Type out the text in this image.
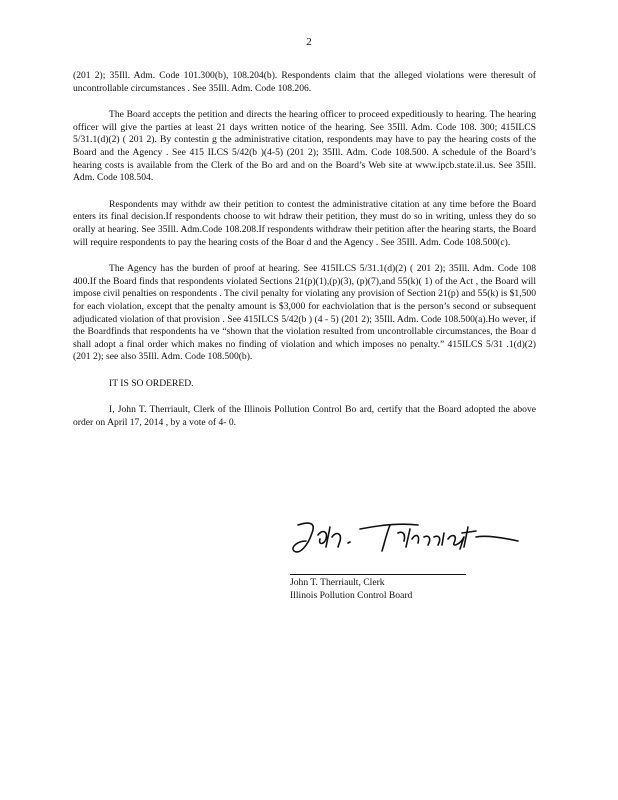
2

(201 2); 35Ill. Adm. Code 101.300(b), 108.204(b). Respondents claim that the alleged violations were theresult of uncontrollable circumstances . See 35Ill. Adm. Code 108.206.

The Board accepts the petition and directs the hearing officer to proceed expeditiously to hearing. The hearing officer will give the parties at least 21 days written notice of the hearing. See 35Ill. Adm. Code 108. 300; 415ILCS 5/31.1(d)(2) ( 201 2). By contestin g the administrative citation, respondents may have to pay the hearing costs of the Board and the Agency . See 415 ILCS 5/42(b )(4-5) (201 2); 35Ill. Adm. Code 108.500. A schedule of the Board’s hearing costs is available from the Clerk of the Bo ard and on the Board’s Web site at www.ipcb.state.il.us. See 35Ill. Adm. Code 108.504.

Respondents may withdr aw their petition to contest the administrative citation at any time before the Board enters its final decision.If respondents choose to wit hdraw their petition, they must do so in writing, unless they do so orally at hearing. See 35Ill. Adm.Code 108.208.If respondents withdraw their petition after the hearing starts, the Board will require respondents to pay the hearing costs of the Boar d and the Agency . See 35Ill. Adm. Code 108.500(c).

The Agency has the burden of proof at hearing. See 415ILCS 5/31.1(d)(2) ( 201 2); 35Ill. Adm. Code 108 400.If the Board finds that respondents violated Sections 21(p)(1),(p)(3), (p)(7),and 55(k)( 1) of the Act , the Board will impose civil penalties on respondents . The civil penalty for violating any provision of Section 21(p) and 55(k) is $1,500 for each violation, except that the penalty amount is $3,000 for eachviolation that is the person’s second or subsequent adjudicated violation of that provision . See 415ILCS 5/42(b ) (4 - 5) (201 2); 35Ill. Adm. Code 108.500(a).Ho wever, if the Boardfinds that respondents ha ve “shown that the violation resulted from uncontrollable circumstances, the Boar d shall adopt a final order which makes no finding of violation and which imposes no penalty.” 415ILCS 5/31 .1(d)(2) (201 2); see also 35Ill. Adm. Code 108.500(b).

IT IS SO ORDERED.

I, John T. Therriault, Clerk of the Illinois Pollution Control Bo ard, certify that the Board adopted the above order on April 17, 2014 , by a vote of 4- 0.

John T. Therriault, Clerk
Illinois Pollution Control Board
